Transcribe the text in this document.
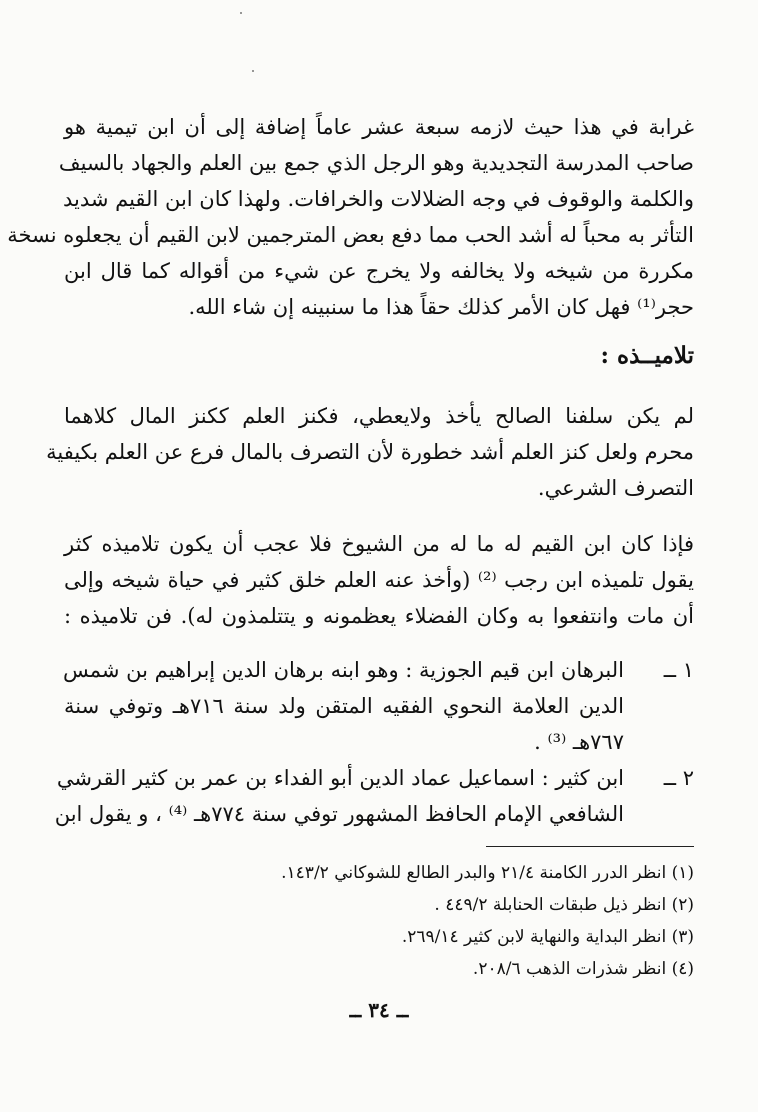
غرابة في هذا حيث لازمه سبعة عشر عاماً إضافة إلى أن ابن تيمية هو
صاحب المدرسة التجديدية وهو الرجل الذي جمع بين العلم والجهاد بالسيف
والكلمة والوقوف في وجه الضلالات والخرافات. ولهذا كان ابن القيم شديد
التأثر به محباً له أشد الحب مما دفع بعض المترجمين لابن القيم أن يجعلوه نسخة
مكررة من شيخه ولا يخالفه ولا يخرج عن شيء من أقواله كما قال ابن
حجر⁽¹⁾ فهل كان الأمر كذلك حقاً هذا ما سنبينه إن شاء الله.
تلاميــذه :
لم يكن سلفنا الصالح يأخذ ولايعطي، فكنز العلم ككنز المال كلاهما
محرم ولعل كنز العلم أشد خطورة لأن التصرف بالمال فرع عن العلم بكيفية
التصرف الشرعي.
فإذا كان ابن القيم له ما له من الشيوخ فلا عجب أن يكون تلاميذه كثر
يقول تلميذه ابن رجب ⁽²⁾ (وأخذ عنه العلم خلق كثير في حياة شيخه وإلى
أن مات وانتفعوا به وكان الفضلاء يعظمونه و يتتلمذون له). فن تلاميذه :
١ ــ
البرهان ابن قيم الجوزية : وهو ابنه برهان الدين إبراهيم بن شمس
الدين العلامة النحوي الفقيه المتقن ولد سنة ٧١٦هـ وتوفي سنة
٧٦٧هـ ⁽³⁾ .
٢ ــ
ابن كثير : اسماعيل عماد الدين أبو الفداء بن عمر بن كثير القرشي
الشافعي الإمام الحافظ المشهور توفي سنة ٧٧٤هـ ⁽⁴⁾ ، و يقول ابن
(١) انظر الدرر الكامنة ٢١/٤ والبدر الطالع للشوكاني ١٤٣/٢.
(٢) انظر ذيل طبقات الحنابلة ٤٤٩/٢ .
(٣) انظر البداية والنهاية لابن كثير ٢٦٩/١٤.
(٤) انظر شذرات الذهب ٢٠٨/٦.
ــ ٣٤ ــ
